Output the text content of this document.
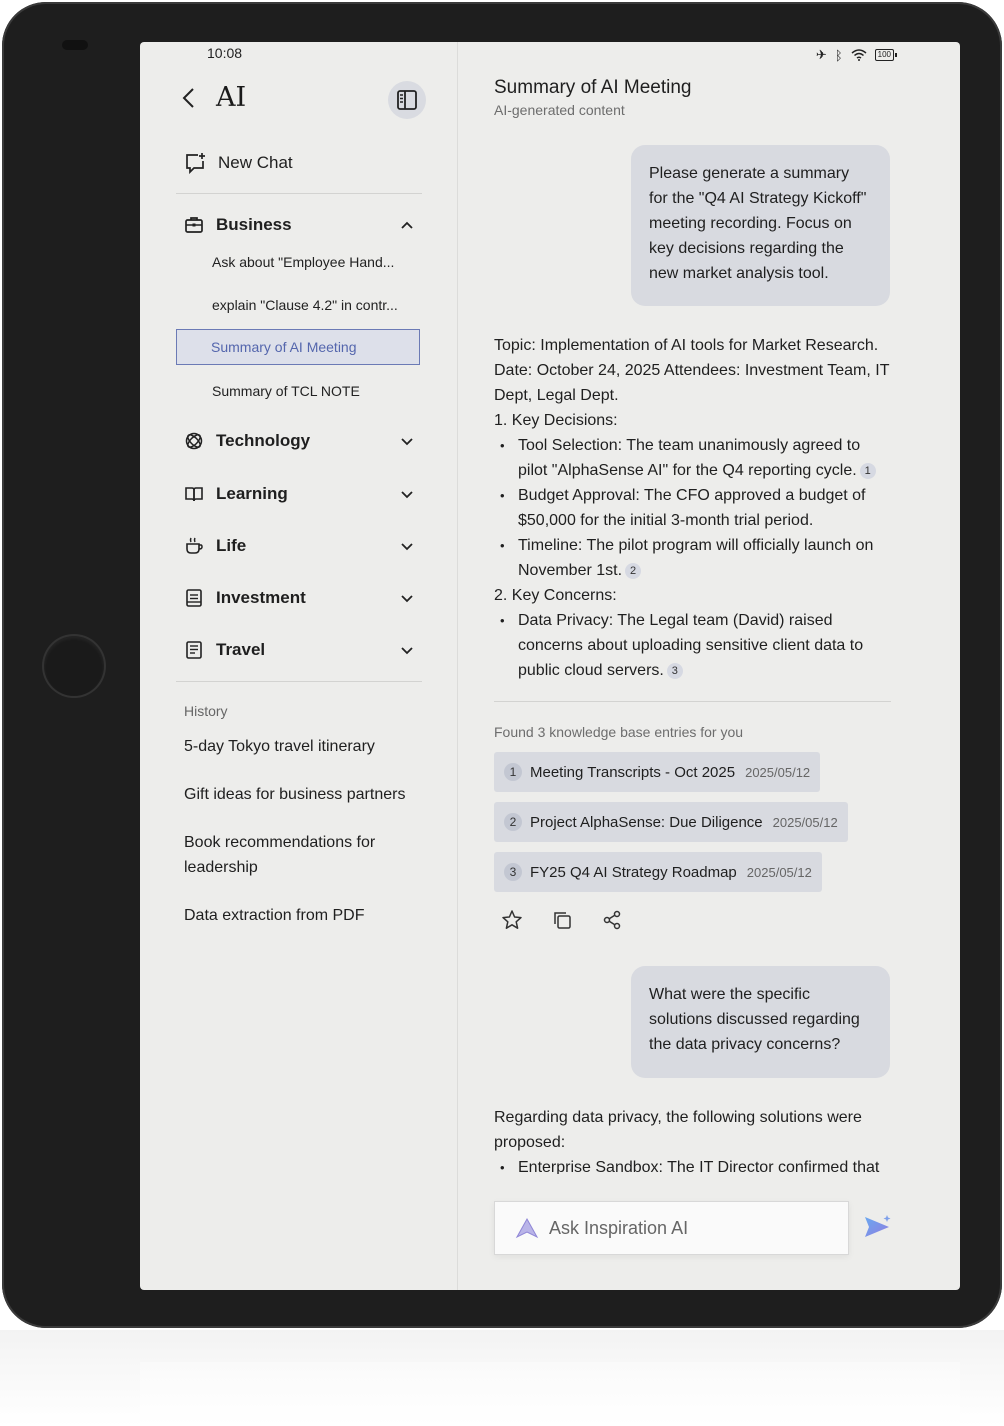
10:08
AI
New Chat
Business
Ask about "Employee Hand...
explain "Clause 4.2" in contr...
Summary of AI Meeting
Summary of TCL NOTE
Technology
Learning
Life
Investment
Travel
History
5-day Tokyo travel itinerary
Gift ideas for business partners
Book recommendations for leadership
Data extraction from PDF
✈ ᛒ	100
Summary of AI Meeting
AI-generated content
Please generate a summary for the "Q4 AI Strategy Kickoff" meeting recording. Focus on key decisions regarding the new market analysis tool.

Topic: Implementation of AI tools for Market Research. Date: October 24, 2025 Attendees: Investment Team, IT Dept, Legal Dept.

1. Key Decisions:

• Tool Selection: The team unanimously agreed to pilot "AlphaSense AI" for the Q4 reporting cycle. 1
• Budget Approval: The CFO approved a budget of $50,000 for the initial 3-month trial period.
• Timeline: The pilot program will officially launch on November 1st. 2

2. Key Concerns:

• Data Privacy: The Legal team (David) raised concerns about uploading sensitive client data to public cloud servers. 3
Found 3 knowledge base entries for you
1 Meeting Transcripts - Oct 2025 2025/05/12
2 Project AlphaSense: Due Diligence 2025/05/12
3 FY25 Q4 AI Strategy Roadmap 2025/05/12
What were the specific solutions discussed regarding the data privacy concerns?

Regarding data privacy, the following solutions were proposed:

• Enterprise Sandbox: The IT Director confirmed that
Ask Inspiration AI
